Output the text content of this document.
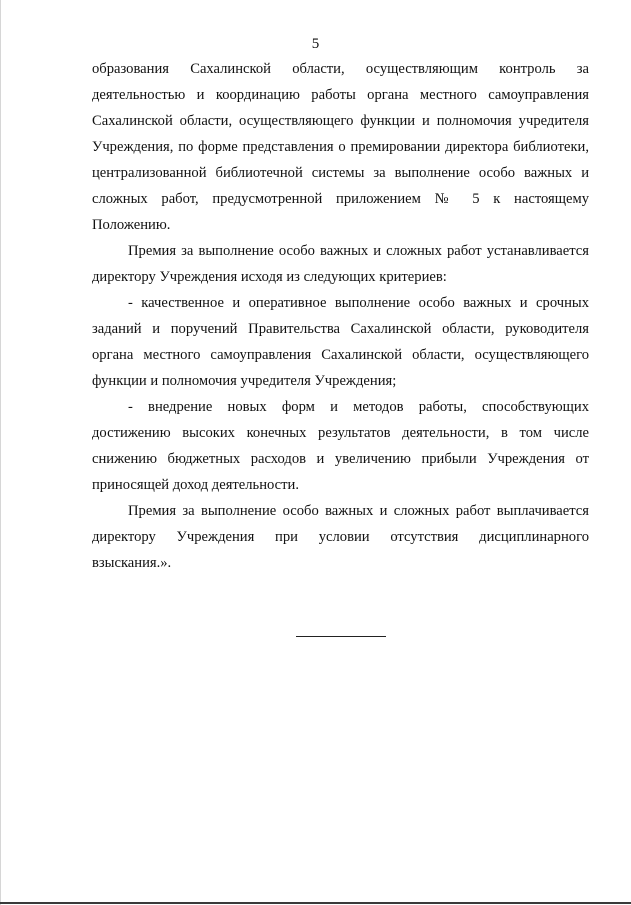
5

образования Сахалинской области, осуществляющим контроль за деятельностью и координацию работы органа местного самоуправления Сахалинской области, осуществляющего функции и полномочия учредителя Учреждения, по форме представления о премировании директора библиотеки, централизованной библиотечной системы за выполнение особо важных и сложных работ, предусмотренной приложением № 5 к настоящему Положению.

Премия за выполнение особо важных и сложных работ устанавливается директору Учреждения исходя из следующих критериев:

- качественное и оперативное выполнение особо важных и срочных заданий и поручений Правительства Сахалинской области, руководителя органа местного самоуправления Сахалинской области, осуществляющего функции и полномочия учредителя Учреждения;

- внедрение новых форм и методов работы, способствующих достижению высоких конечных результатов деятельности, в том числе снижению бюджетных расходов и увеличению прибыли Учреждения от приносящей доход деятельности.

Премия за выполнение особо важных и сложных работ выплачивается директору Учреждения при условии отсутствия дисциплинарного

взыскания.».
